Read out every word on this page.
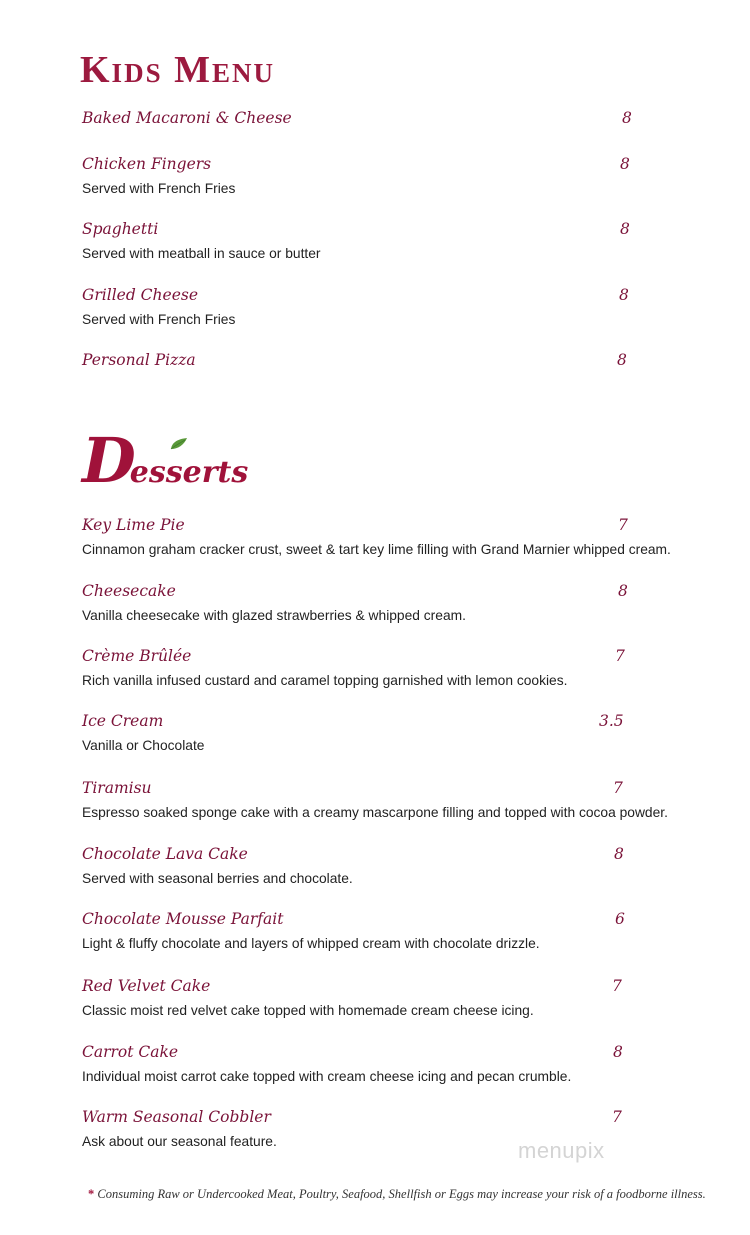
Kids Menu
Baked Macaroni & Cheese	8
Chicken Fingers	8
Served with French Fries
Spaghetti	8
Served with meatball in sauce or butter
Grilled Cheese	8
Served with French Fries
Personal Pizza	8
Desserts
Key Lime Pie	7
Cinnamon graham cracker crust, sweet & tart key lime filling with Grand Marnier whipped cream.
Cheesecake	8
Vanilla cheesecake with glazed strawberries & whipped cream.
Crème Brûlée	7
Rich vanilla infused custard and caramel topping garnished with lemon cookies.
Ice Cream	3.5
Vanilla or Chocolate
Tiramisu	7
Espresso soaked sponge cake with a creamy mascarpone filling and topped with cocoa powder.
Chocolate Lava Cake	8
Served with seasonal berries and chocolate.
Chocolate Mousse Parfait	6
Light & fluffy chocolate and layers of whipped cream with chocolate drizzle.
Red Velvet Cake	7
Classic moist red velvet cake topped with homemade cream cheese icing.
Carrot Cake	8
Individual moist carrot cake topped with cream cheese icing and pecan crumble.
Warm Seasonal Cobbler	7
Ask about our seasonal feature.	menupix
* Consuming Raw or Undercooked Meat, Poultry, Seafood, Shellfish or Eggs may increase your risk of a foodborne illness.
